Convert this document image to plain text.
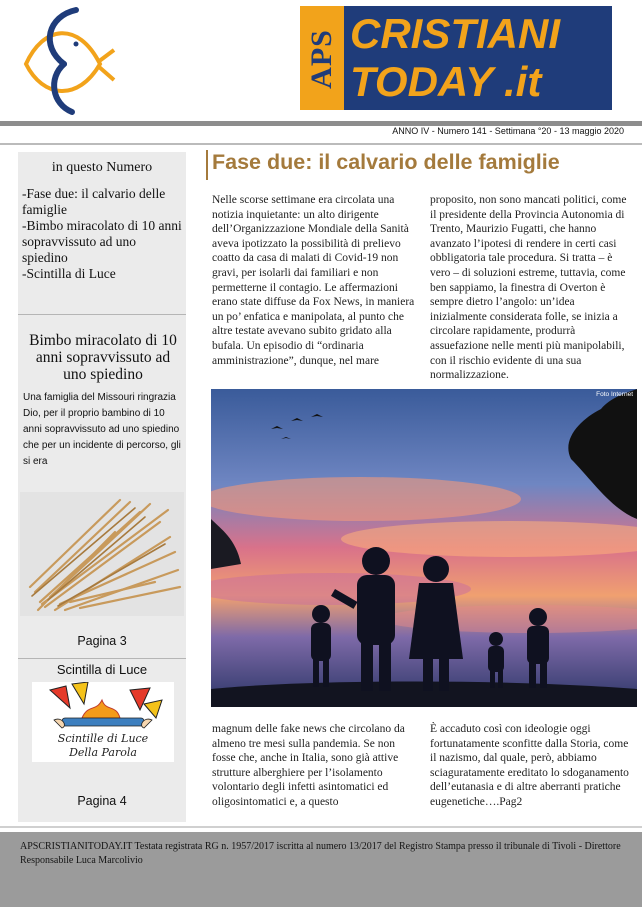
APS CRISTIANI
TODAY .it
ANNO IV - Numero 141 - Settimana °20 - 13 maggio 2020
in questo Numero
-Fase due: il calvario delle famiglie
-Bimbo miracolato di 10 anni sopravvissuto ad uno spiedino
-Scintilla di Luce
Bimbo miracolato di 10 anni sopravvissuto ad uno spiedino
Una famiglia del Missouri ringrazia Dio, per il proprio bambino di 10 anni sopravvissuto ad uno spiedino che per un incidente di percorso, gli si era
Pagina 3
Scintilla di Luce
Scintille di Luce
Della Parola
Pagina 4
Fase due: il calvario delle famiglie
Nelle scorse settimane era circolata una notizia inquietante: un alto dirigente dell’Organizzazione Mondiale della Sanità aveva ipotizzato la possibilità di prelievo coatto da casa di malati di Covid-19 non gravi, per isolarli dai familiari e non permetterne il contagio. Le affermazioni erano state diffuse da Fox News, in maniera un po’ enfatica e manipolata, al punto che altre testate avevano subito gridato alla bufala. Un episodio di “ordinaria amministrazione”, dunque, nel mare
proposito, non sono mancati politici, come il presidente della Provincia Autonomia di Trento, Maurizio Fugatti, che hanno avanzato l’ipotesi di rendere in certi casi obbligatoria tale procedura. Si tratta – è vero – di soluzioni estreme, tuttavia, come ben sappiamo, la finestra di Overton è sempre dietro l’angolo: un’idea inizialmente considerata folle, se inizia a circolare rapidamente, produrrà assuefazione nelle menti più manipolabili, con il rischio evidente di una sua normalizzazione.
Foto Internet
magnum delle fake news che circolano da almeno tre mesi sulla pandemia. Se non fosse che, anche in Italia, sono già attive strutture alberghiere per l’isolamento volontario degli infetti asintomatici ed oligosintomatici e, a questo
È accaduto così con ideologie oggi fortunatamente sconfitte dalla Storia, come il nazismo, dal quale, però, abbiamo sciaguratamente ereditato lo sdoganamento dell’eutanasia e di altre aberranti pratiche eugenetiche….Pag2
APSCRISTIANITODAY.IT Testata registrata RG n. 1957/2017 iscritta al numero 13/2017 del Registro Stampa presso il tribunale di Tivoli - Direttore Responsabile Luca Marcolivio
